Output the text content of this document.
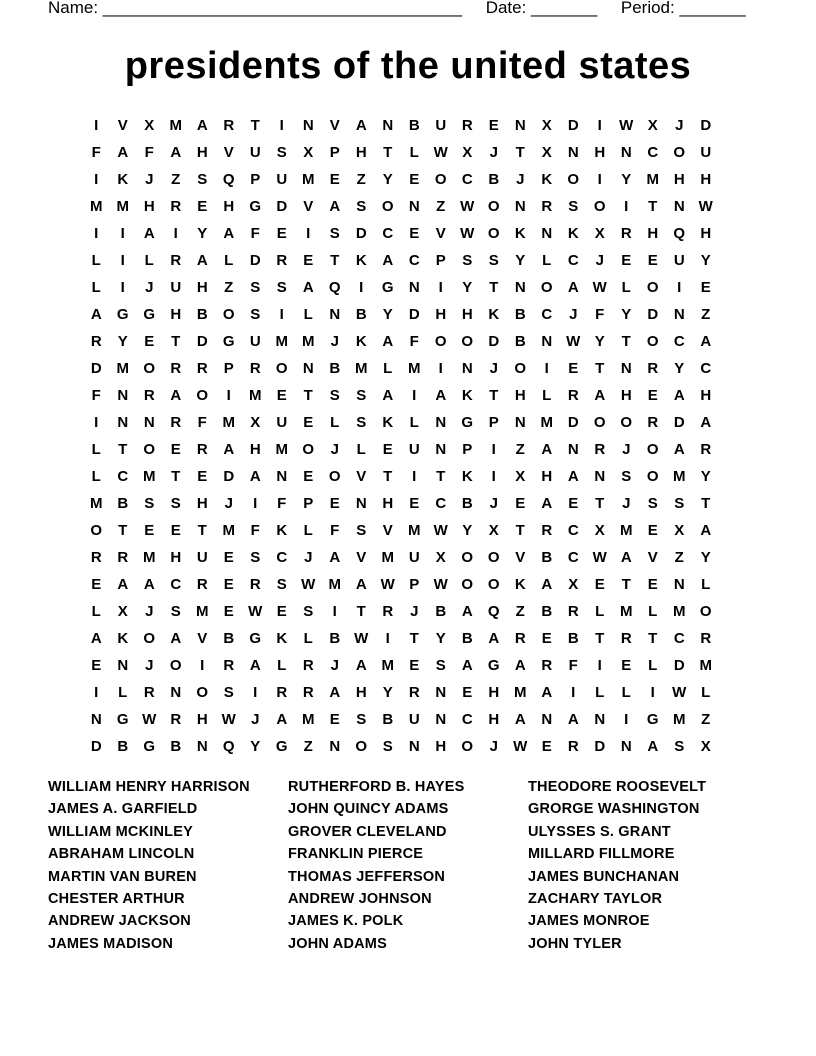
Name: ______________________________________ Date: _______ Period: _______
presidents of the united states
I	V	X	M A	R	T	I	N	V	A	N	B	U	R	E	N	X	D	I	W X	J	D
F	A	F	A	H	V	U	S	X	P	H	T	L W X	J	T	X	N	H	N	C	O	U
I	K	J	Z	S	Q	P	U M	E	Z	Y	E	O	C	B	J	K	O	I	Y	M H	H
M M H	R	E	H	G	D	V	A	S	O	N	Z W O	N	R	S	O	I	T	N W
I	I	A	I	Y	A	F	E	I	S	D	C	E	V W O	K	N	K	X	R	H	Q	H
L	I	L	R	A	L	D	R	E	T	K	A	C	P	S	S	Y	L	C	J	E	E	U	Y
L	I	J	U	H	Z	S	S	A	Q	I	G	N	I	Y	T	N	O	A W L	O	I	E
A	G G	H	B	O	S	I	L	N	B	Y	D	H	H	K	B	C	J	F	Y	D	N	Z
R	Y	E	T	D	G	U M M	J	K	A	F	O O	D	B	N W Y	T	O	C	A
D M O	R	R	P	R	O	N	B M	L	M	I	N	J	O	I	E	T	N	R	Y	C
F	N	R	A	O	I	M	E	T	S	S	A	I	A	K	T	H	L	R	A	H	E	A	H
I	N	N	R	F	M	X	U	E	L	S	K	L	N	G	P	N M D	O O	R	D	A
L	T	O	E	R	A	H M O	J	L	E	U	N	P	I	Z	A	N	R	J	O	A	R
L	C M	T	E	D	A	N	E	O	V	T	I	T	K	I	X	H	A	N	S	O M	Y
M B	S	S	H	J	I	F	P	E	N	H	E	C	B	J	E	A	E	T	J	S	S	T
O	T	E	E	T	M	F	K	L	F	S	V	M W Y	X	T	R	C	X	M	E	X	A
R	R M H	U	E	S	C	J	A	V	M U	X	O O	V	B	C W A	V	Z	Y
E	A	A	C	R	E	R	S W M A W P W O O	K	A	X	E	T	E	N	L
L	X	J	S	M	E W E	S	I	T	R	J	B	A	Q	Z	B	R	L	M	L	M O
A	K	O	A	V	B	G	K	L	B W	I	T	Y	B	A	R	E	B	T	R	T	C	R
E	N	J	O	I	R	A	L	R	J	A M	E	S	A	G	A	R	F	I	E	L	D M
I	L	R	N	O	S	I	R	R	A	H	Y	R	N	E	H M A	I	L	L	I	W L
N	G W R	H W	J	A M	E	S	B	U	N	C	H	A	N	A	N	I	G M	Z
D	B	G	B	N	Q	Y	G	Z	N	O	S	N	H	O	J	W E	R	D	N	A	S	X
WILLIAM HENRY HARRISON
JAMES A. GARFIELD
WILLIAM MCKINLEY
ABRAHAM LINCOLN
MARTIN VAN BUREN
CHESTER ARTHUR
ANDREW JACKSON
JAMES MADISON
RUTHERFORD B. HAYES
JOHN QUINCY ADAMS
GROVER CLEVELAND
FRANKLIN PIERCE
THOMAS JEFFERSON
ANDREW JOHNSON
JAMES K. POLK
JOHN ADAMS
THEODORE ROOSEVELT
GRORGE WASHINGTON
ULYSSES S. GRANT
MILLARD FILLMORE
JAMES BUNCHANAN
ZACHARY TAYLOR
JAMES MONROE
JOHN TYLER
